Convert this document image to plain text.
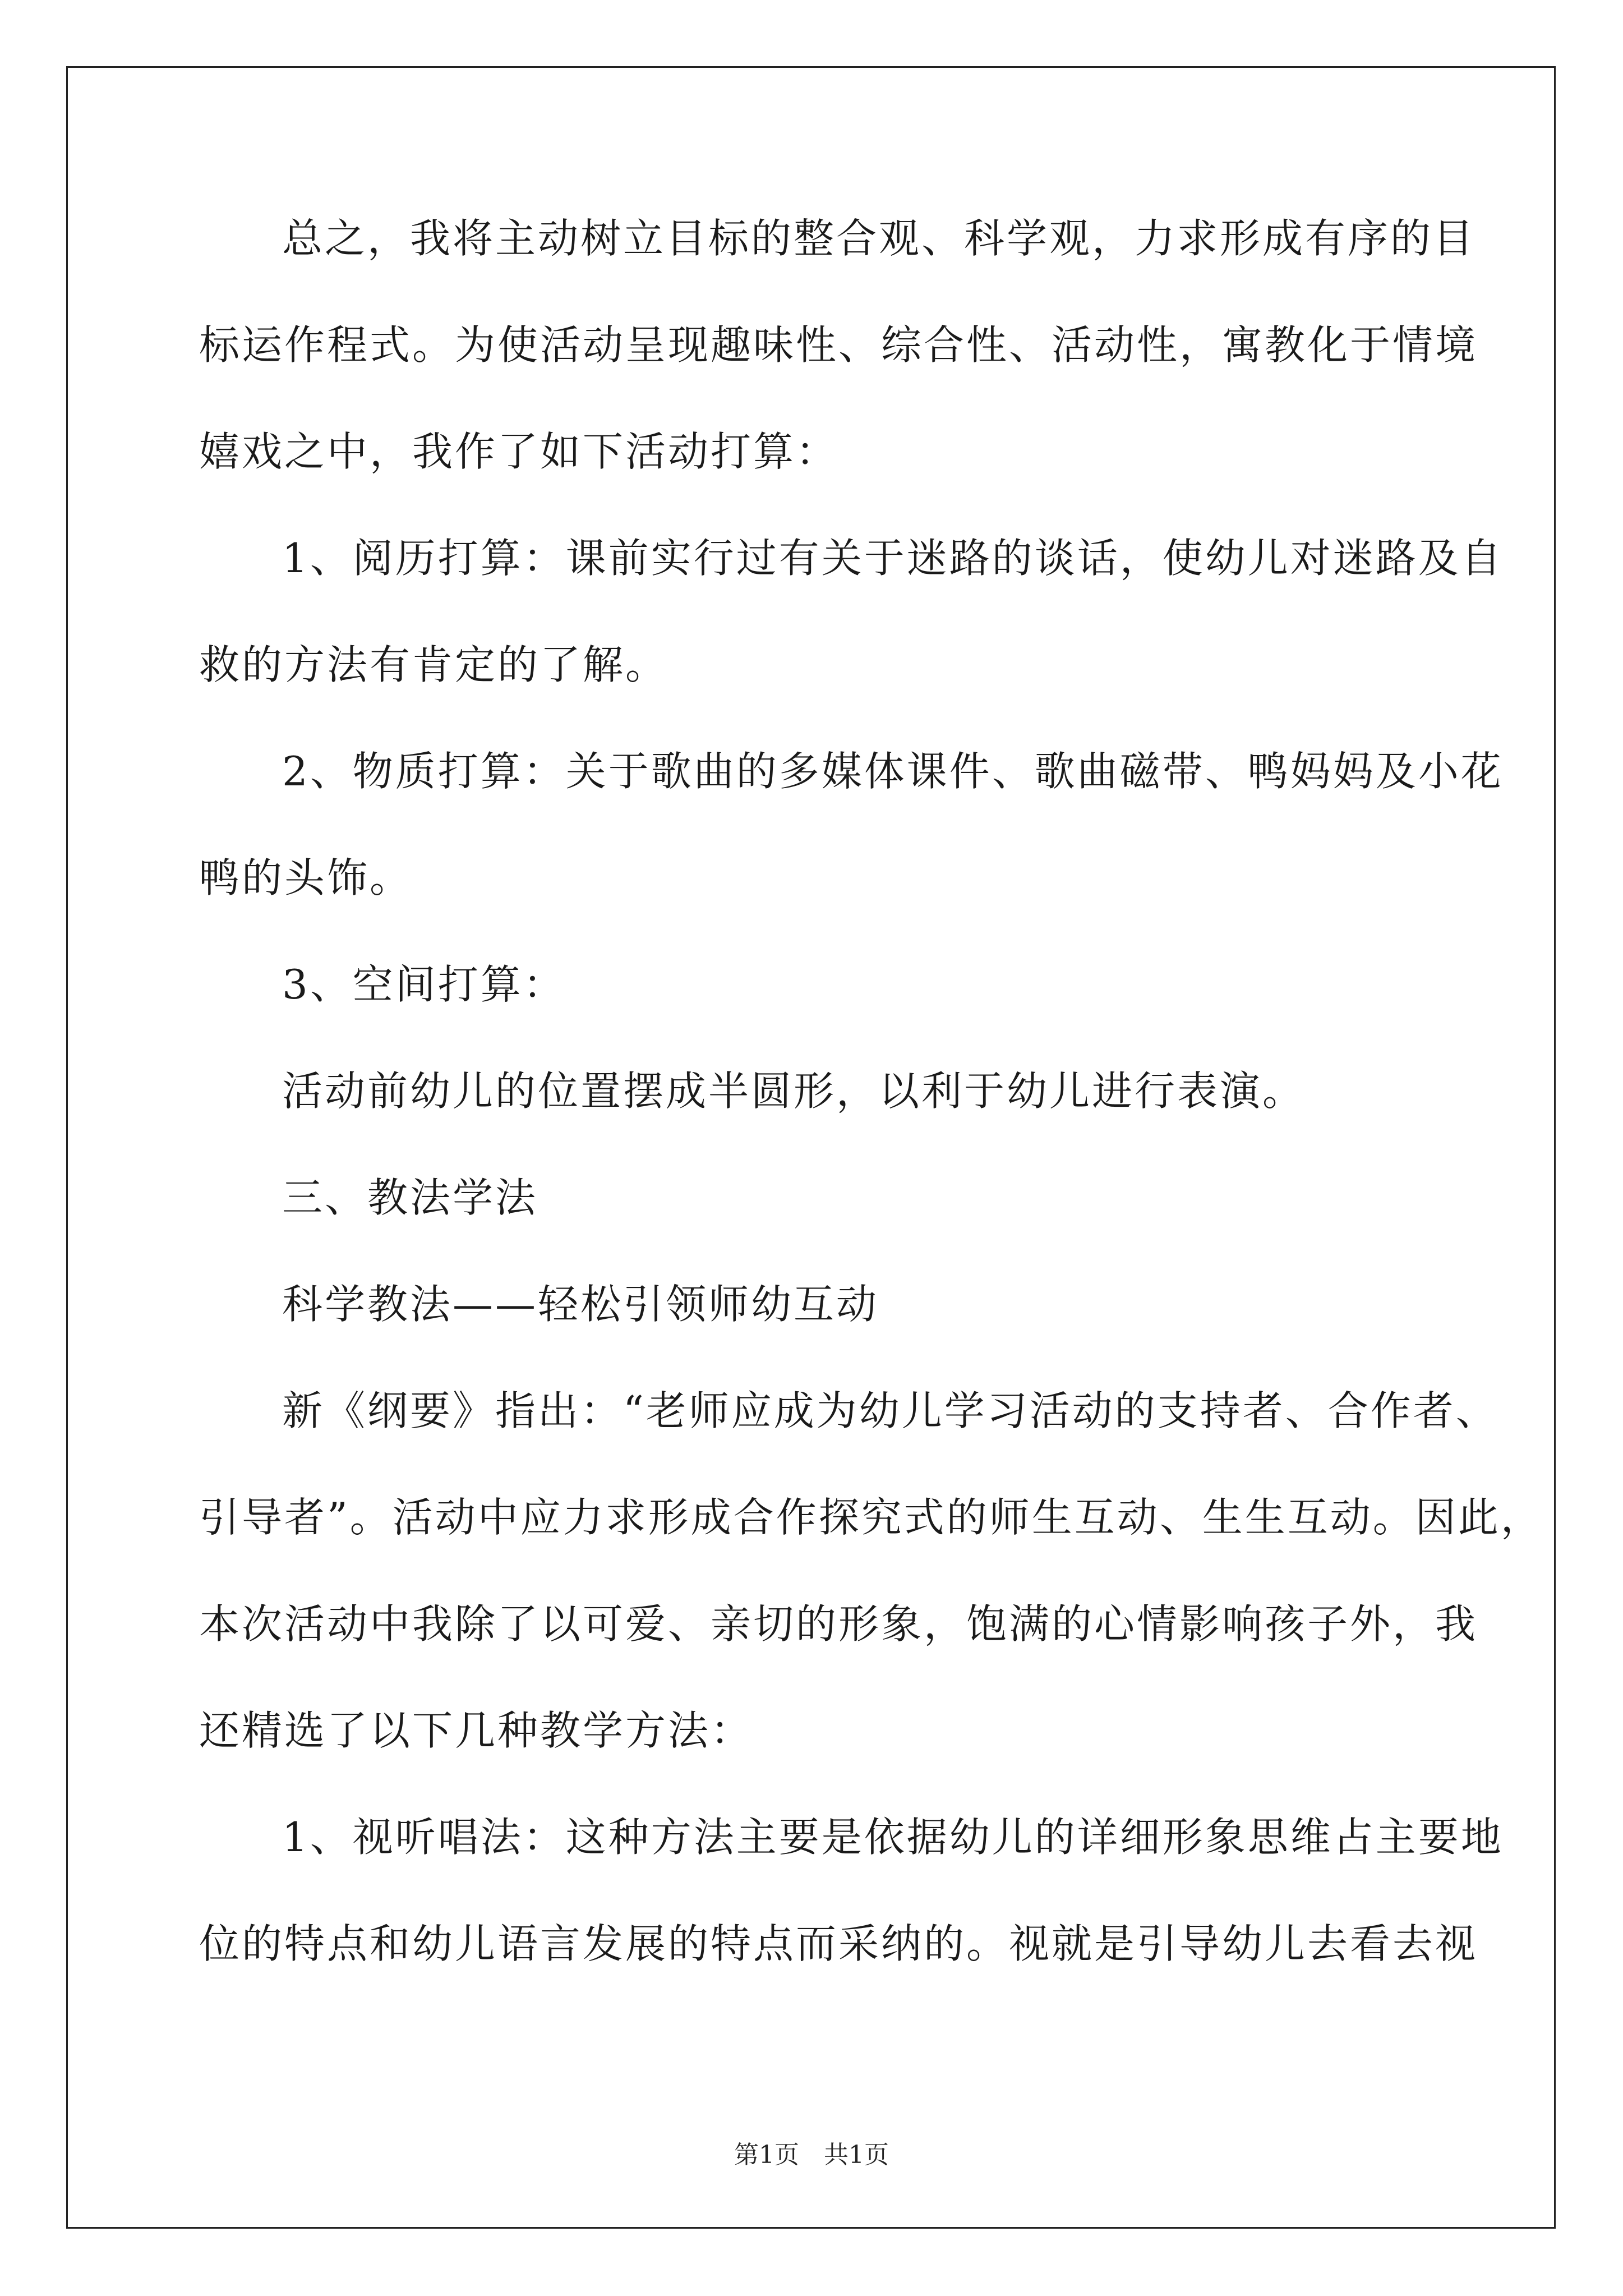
总之，我将主动树立目标的整合观、科学观，力求形成有序的目
标运作程式。为使活动呈现趣味性、综合性、活动性，寓教化于情境
嬉戏之中，我作了如下活动打算：
1、阅历打算：课前实行过有关于迷路的谈话，使幼儿对迷路及自
救的方法有肯定的了解。
2、物质打算：关于歌曲的多媒体课件、歌曲磁带、鸭妈妈及小花
鸭的头饰。
3、空间打算：
活动前幼儿的位置摆成半圆形，以利于幼儿进行表演。
三、教法学法
科学教法——轻松引领师幼互动
新《纲要》指出：“老师应成为幼儿学习活动的支持者、合作者、
引导者”。活动中应力求形成合作探究式的师生互动、生生互动。因此，
本次活动中我除了以可爱、亲切的形象，饱满的心情影响孩子外，我
还精选了以下几种教学方法：
1、视听唱法：这种方法主要是依据幼儿的详细形象思维占主要地
位的特点和幼儿语言发展的特点而采纳的。视就是引导幼儿去看去视
第1页　共1页
